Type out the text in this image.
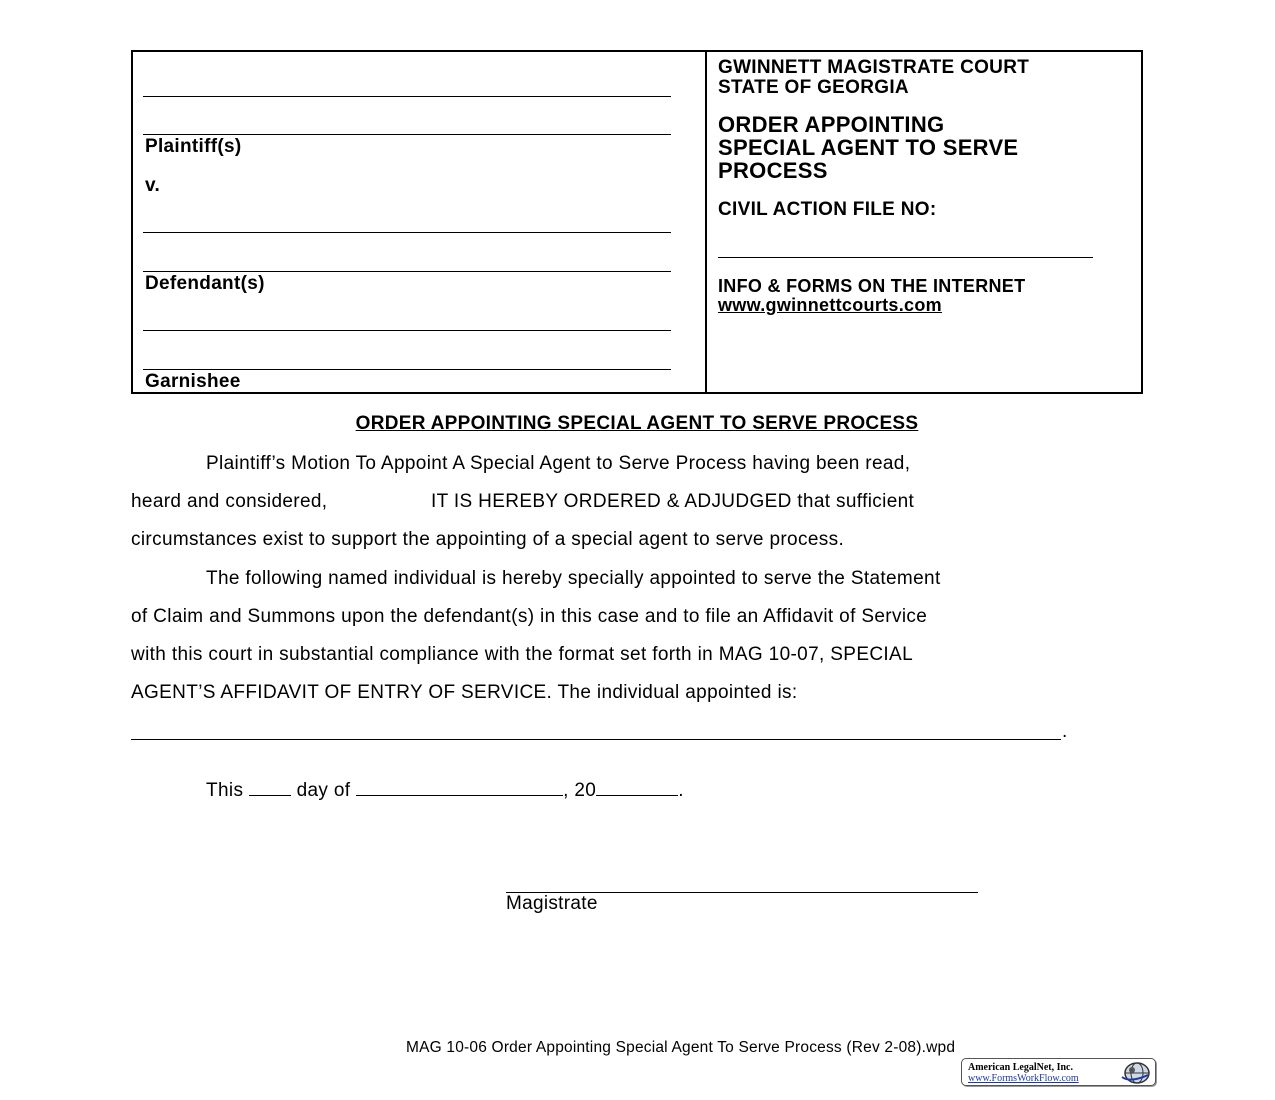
Plaintiff(s)
v.
Defendant(s)
Garnishee
GWINNETT MAGISTRATE COURT
STATE OF GEORGIA
ORDER APPOINTING
SPECIAL AGENT TO SERVE
PROCESS
CIVIL ACTION FILE NO:
INFO & FORMS ON THE INTERNET
www.gwinnettcourts.com
ORDER APPOINTING SPECIAL AGENT TO SERVE PROCESS
Plaintiff’s Motion To Appoint A Special Agent to Serve Process having been read,
heard and considered,	IT IS HEREBY ORDERED & ADJUDGED that sufficient
circumstances exist to support the appointing of a special agent to serve process.
The following named individual is hereby specially appointed to serve the Statement
of Claim and Summons upon the defendant(s) in this case and to file an Affidavit of Service
with this court in substantial compliance with the format set forth in MAG 10-07, SPECIAL
AGENT’S AFFIDAVIT OF ENTRY OF SERVICE. The individual appointed is:
.
This	day of	, 20	.
Magistrate
MAG 10-06 Order Appointing Special Agent To Serve Process (Rev 2-08).wpd
American LegalNet, Inc.
www.FormsWorkFlow.com
